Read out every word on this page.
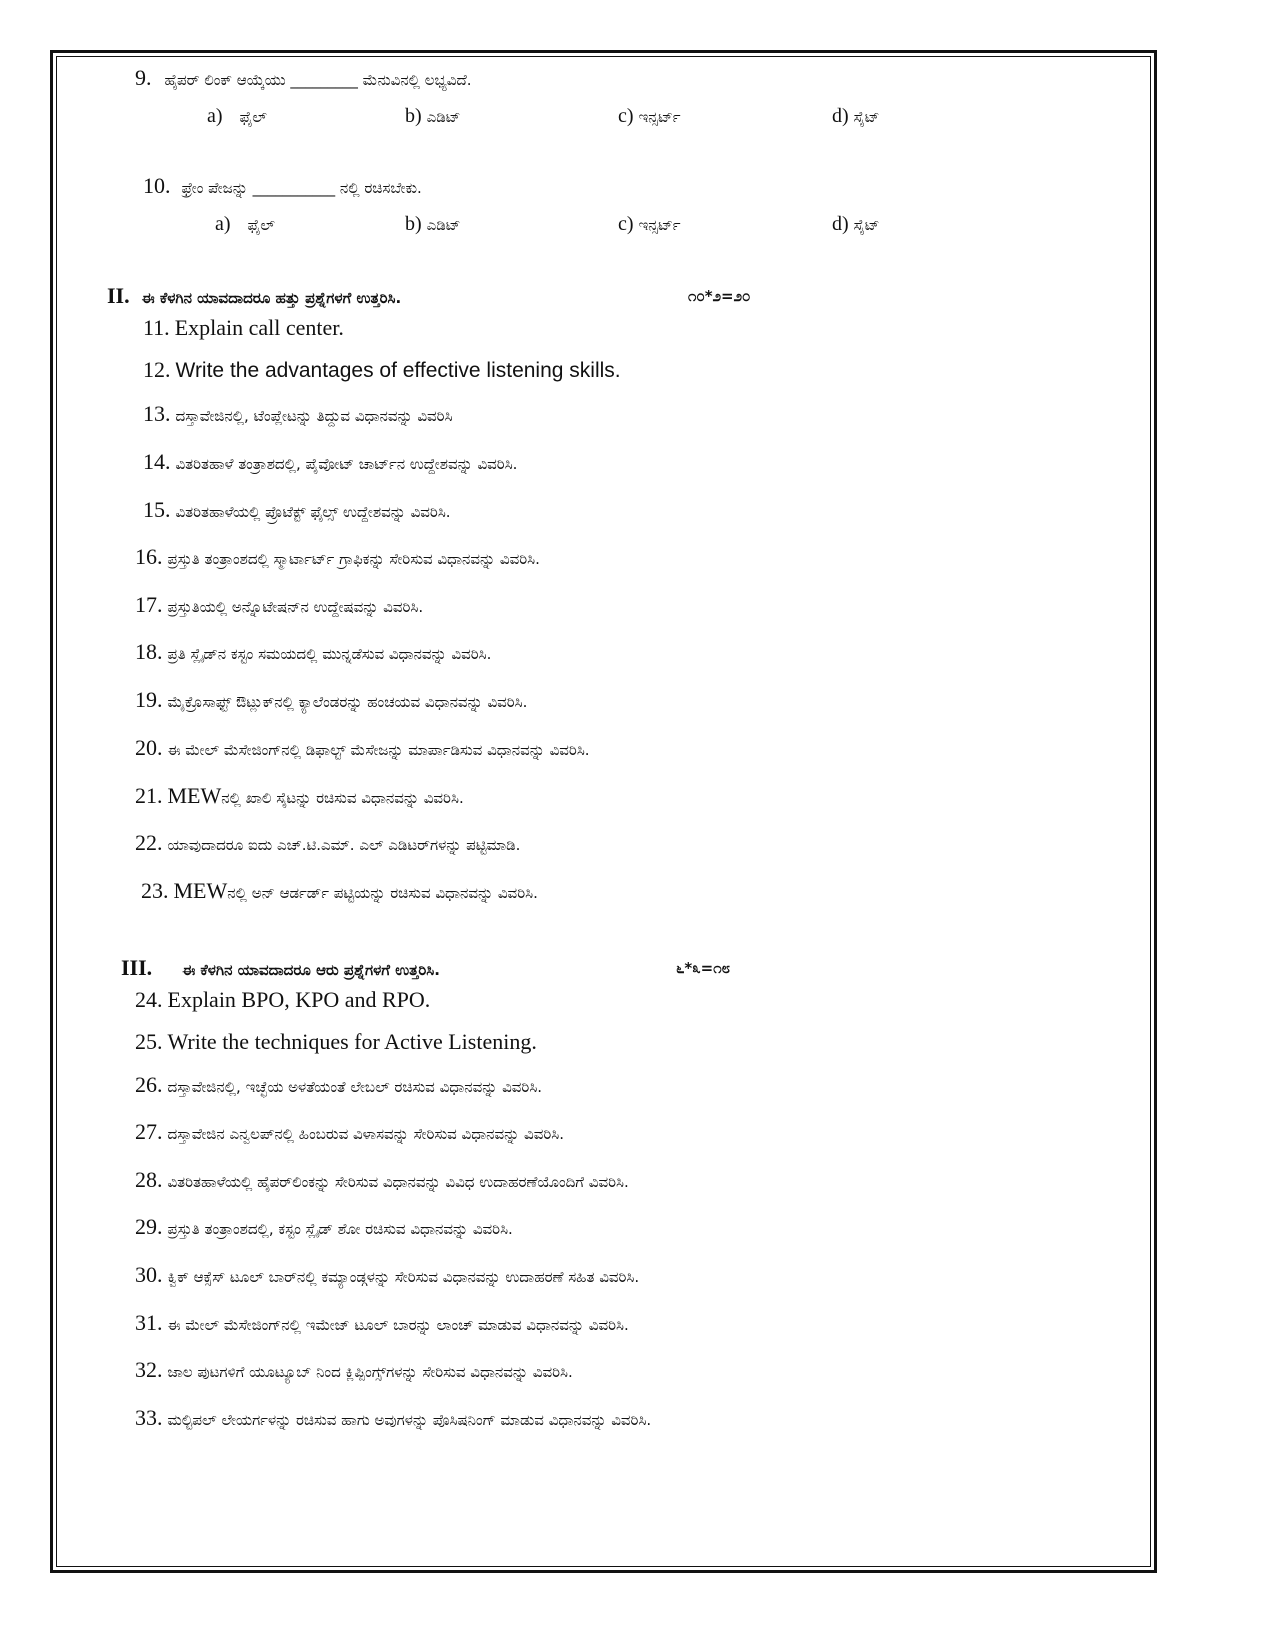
9. ಹೈಪರ್ ಲಿಂಕ್ ಆಯ್ಕೆಯು _________ ಮೆನುವಿನಲ್ಲಿ ಲಭ್ಯವಿದೆ.
a) ಫೈಲ್	b) ಎಡಿಟ್	c) ಇನ್ಸರ್ಟ್	d) ಸೈಟ್
10. ಫ್ರೇಂ ಪೇಜನ್ನು ___________ ನಲ್ಲಿ ರಚಿಸಬೇಕು.
a) ಫೈಲ್	b) ಎಡಿಟ್	c) ಇನ್ಸರ್ಟ್	d) ಸೈಟ್
II. ಈ ಕೆಳಗಿನ ಯಾವದಾದರೂ ಹತ್ತು ಪ್ರಶ್ನೆಗಳಗೆ ಉತ್ತರಿಸಿ.	೧೦*೨=೨೦
11. Explain call center.
12. Write the advantages of effective listening skills.
13. ದಸ್ತಾವೇಜಿನಲ್ಲಿ, ಟೆಂಪ್ಲೇಟನ್ನು ತಿದ್ದುವ ವಿಧಾನವನ್ನು ವಿವರಿಸಿ
14. ವಿತರಿತಹಾಳೆ ತಂತ್ರಾಶದಲ್ಲಿ, ಪೈವೋಟ್ ಚಾರ್ಟ್‌ನ ಉದ್ದೇಶವನ್ನು ವಿವರಿಸಿ.
15. ವಿತರಿತಹಾಳೆಯಲ್ಲಿ ಪ್ರೊಟೆಕ್ಟ್ ಫೈಲ್ಸ್‌ ಉದ್ದೇಶವನ್ನು ವಿವರಿಸಿ.
16. ಪ್ರಸ್ತುತಿ ತಂತ್ರಾಂಶದಲ್ಲಿ ಸ್ಮಾರ್ಟಾರ್ಟ್ ಗ್ರಾಫಿಕನ್ನು ಸೇರಿಸುವ ವಿಧಾನವನ್ನು ವಿವರಿಸಿ.
17. ಪ್ರಸ್ತುತಿಯಲ್ಲಿ ಅನ್ನೊಟೇಷನ್‌ನ ಉದ್ದೇಷವನ್ನು ವಿವರಿಸಿ.
18. ಪ್ರತಿ ಸ್ಲೈಡ್‌ನ ಕಸ್ಟಂ ಸಮಯದಲ್ಲಿ ಮುನ್ನಡೆಸುವ ವಿಧಾನವನ್ನು ವಿವರಿಸಿ.
19. ಮೈಕ್ರೊಸಾಫ್ಟ್ ಔಟ್ಲುಕ್‌ನಲ್ಲಿ ಕ್ಯಾಲೆಂಡರನ್ನು ಹಂಚಯವ ವಿಧಾನವನ್ನು ವಿವರಿಸಿ.
20. ಈ ಮೇಲ್ ಮೆಸೇಜಿಂಗ್‌ನಲ್ಲಿ ಡಿಫಾಲ್ಟ್ ಮೆಸೇಜನ್ನು ಮಾರ್ಪಾಡಿಸುವ ವಿಧಾನವನ್ನು ವಿವರಿಸಿ.
21. MEWನಲ್ಲಿ ಖಾಲಿ ಸೈಟನ್ನು ರಚಿಸುವ ವಿಧಾನವನ್ನು ವಿವರಿಸಿ.
22. ಯಾವುದಾದರೂ ಐದು ಎಚ್.ಟಿ.ಎಮ್. ಎಲ್ ಎಡಿಟರ್‌ಗಳನ್ನು ಪಟ್ಟಿಮಾಡಿ.
23. MEWನಲ್ಲಿ ಅನ್ ಆರ್ಡರ್ಡ್ ಪಟ್ಟಿಯನ್ನು ರಚಿಸುವ ವಿಧಾನವನ್ನು ವಿವರಿಸಿ.
III. ಈ ಕೆಳಗಿನ ಯಾವದಾದರೂ ಆರು ಪ್ರಶ್ನೆಗಳಗೆ ಉತ್ತರಿಸಿ.	೬*೩=೧೮
24. Explain BPO, KPO and RPO.
25. Write the techniques for Active Listening.
26. ದಸ್ತಾವೇಜಿನಲ್ಲಿ, ಇಚ್ಛೆಯ ಅಳತೆಯಂತೆ ಲೇಬಲ್ ರಚಿಸುವ ವಿಧಾನವನ್ನು ವಿವರಿಸಿ.
27. ದಸ್ತಾವೇಜಿನ ಎನ್ವಲಪ್‌ನಲ್ಲಿ ಹಿಂಬರುವ ವಿಳಾಸವನ್ನು ಸೇರಿಸುವ ವಿಧಾನವನ್ನು ವಿವರಿಸಿ.
28. ವಿತರಿತಹಾಳೆಯಲ್ಲಿ ಹೈಪರ್‌ಲಿಂಕನ್ನು ಸೇರಿಸುವ ವಿಧಾನವನ್ನು ವಿವಿಧ ಉದಾಹರಣೆಯೊಂದಿಗೆ ವಿವರಿಸಿ.
29. ಪ್ರಸ್ತುತಿ ತಂತ್ರಾಂಶದಲ್ಲಿ, ಕಸ್ಟಂ ಸ್ಲೈಡ್ ಶೋ ರಚಿಸುವ ವಿಧಾನವನ್ನು ವಿವರಿಸಿ.
30. ಕ್ವಿಕ್ ಆಕ್ಸೆಸ್ ಟೂಲ್ ಬಾರ್‌ನಲ್ಲಿ ಕಮ್ಯಾಂಡ್ಗಳನ್ನು ಸೇರಿಸುವ ವಿಧಾನವನ್ನು ಉದಾಹರಣೆ ಸಹಿತ ವಿವರಿಸಿ.
31. ಈ ಮೇಲ್ ಮೆಸೇಜಿಂಗ್‌ನಲ್ಲಿ ಇಮೇಜ್ ಟೂಲ್ ಬಾರನ್ನು ಲಾಂಚ್ ಮಾಡುವ ವಿಧಾನವನ್ನು ವಿವರಿಸಿ.
32. ಜಾಲ ಪುಟಗಳಿಗೆ ಯೂಟ್ಯೂಬ್ ನಿಂದ ಕ್ಲಿಪ್ಪಿಂಗ್ಸ್‌ಗಳನ್ನು ಸೇರಿಸುವ ವಿಧಾನವನ್ನು ವಿವರಿಸಿ.
33. ಮಲ್ಟಿಪಲ್ ಲೇಯರ್ಗಳನ್ನು ರಚಿಸುವ ಹಾಗು ಅವುಗಳನ್ನು ಪೊಸಿಷನಿಂಗ್ ಮಾಡುವ ವಿಧಾನವನ್ನು ವಿವರಿಸಿ.
